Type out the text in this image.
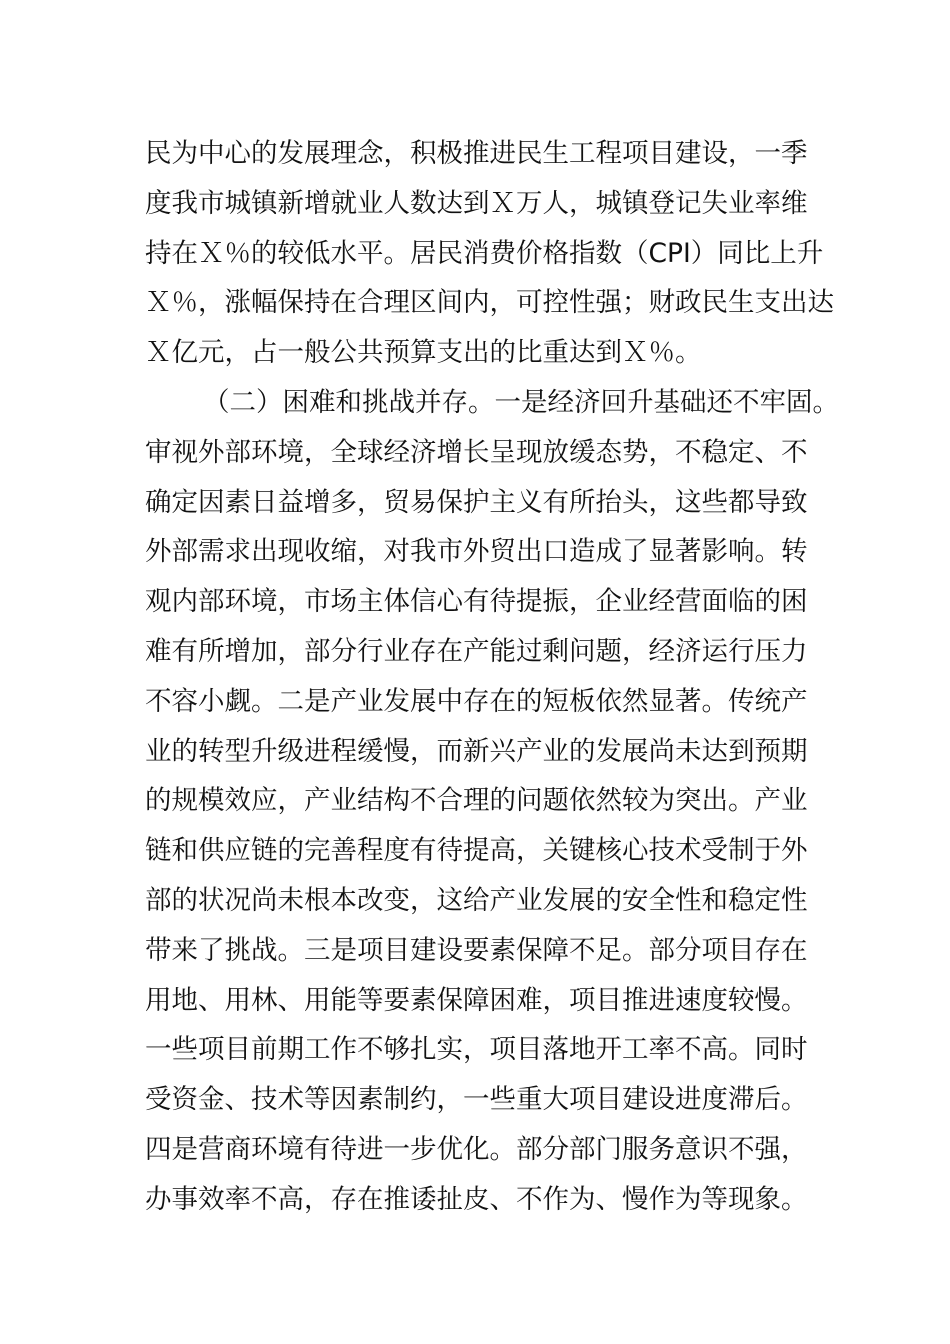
民为中心的发展理念，积极推进民生工程项目建设，一季
度我市城镇新增就业人数达到Ｘ万人，城镇登记失业率维
持在Ｘ％的较低水平。居民消费价格指数（CPI）同比上升
Ｘ％，涨幅保持在合理区间内，可控性强；财政民生支出达
Ｘ亿元，占一般公共预算支出的比重达到Ｘ％。
（二）困难和挑战并存。一是经济回升基础还不牢固。
审视外部环境，全球经济增长呈现放缓态势，不稳定、不
确定因素日益增多，贸易保护主义有所抬头，这些都导致
外部需求出现收缩，对我市外贸出口造成了显著影响。转
观内部环境，市场主体信心有待提振，企业经营面临的困
难有所增加，部分行业存在产能过剩问题，经济运行压力
不容小觑。二是产业发展中存在的短板依然显著。传统产
业的转型升级进程缓慢，而新兴产业的发展尚未达到预期
的规模效应，产业结构不合理的问题依然较为突出。产业
链和供应链的完善程度有待提高，关键核心技术受制于外
部的状况尚未根本改变，这给产业发展的安全性和稳定性
带来了挑战。三是项目建设要素保障不足。部分项目存在
用地、用林、用能等要素保障困难，项目推进速度较慢。
一些项目前期工作不够扎实，项目落地开工率不高。同时
受资金、技术等因素制约，一些重大项目建设进度滞后。
四是营商环境有待进一步优化。部分部门服务意识不强，
办事效率不高，存在推诿扯皮、不作为、慢作为等现象。
